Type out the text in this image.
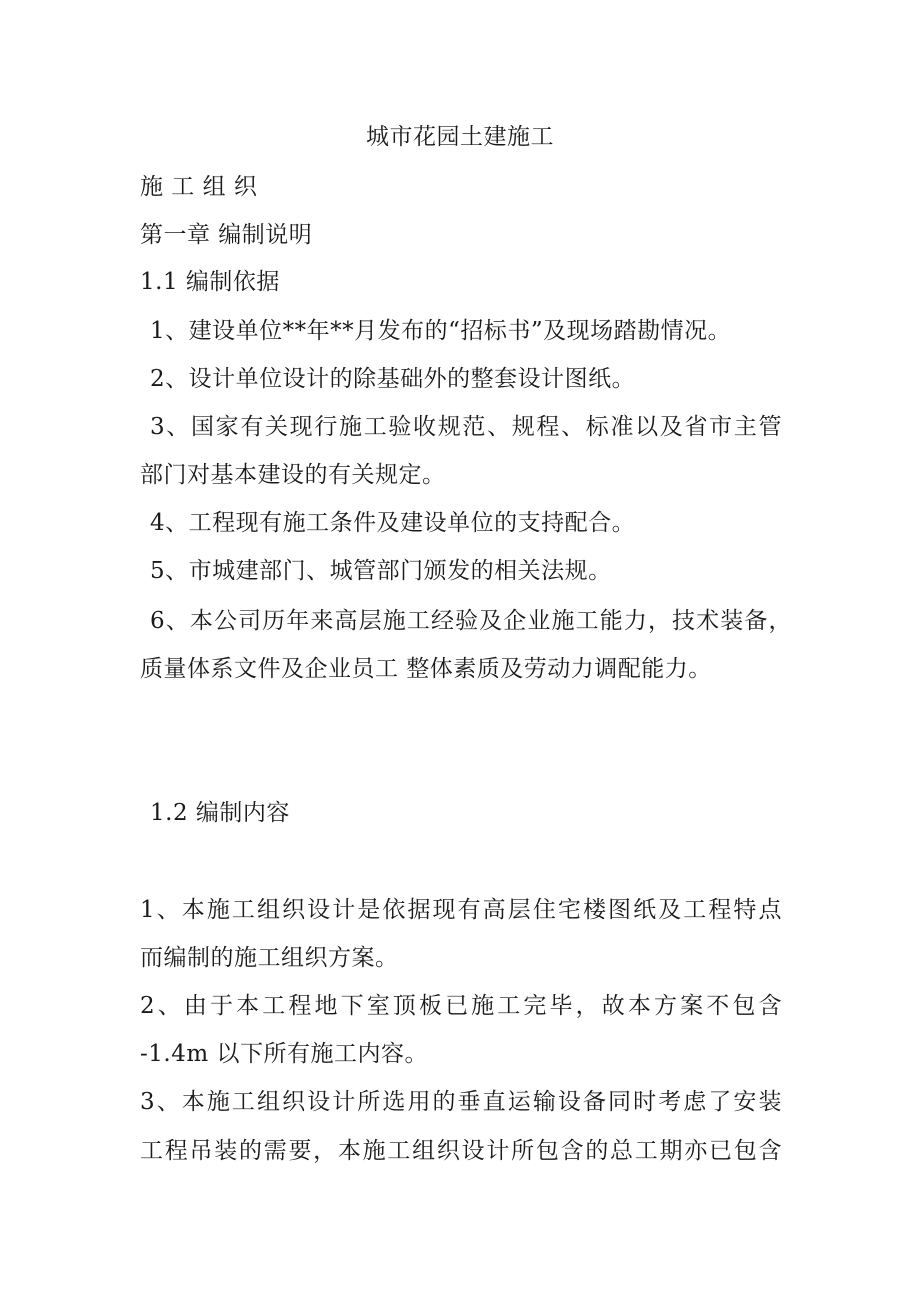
城市花园土建施工
施 工 组 织
第一章 编制说明
1.1 编制依据
1、建设单位**年**月发布的“招标书”及现场踏勘情况。
2、设计单位设计的除基础外的整套设计图纸。
3、国家有关现行施工验收规范、规程、标准以及省市主管
部门对基本建设的有关规定。
4、工程现有施工条件及建设单位的支持配合。
5、市城建部门、城管部门颁发的相关法规。
6、本公司历年来高层施工经验及企业施工能力，技术装备，
质量体系文件及企业员工 整体素质及劳动力调配能力。
1.2 编制内容
1、本施工组织设计是依据现有高层住宅楼图纸及工程特点
而编制的施工组织方案。
2、由于本工程地下室顶板已施工完毕，故本方案不包含
-1.4m 以下所有施工内容。
3、本施工组织设计所选用的垂直运输设备同时考虑了安装
工程吊装的需要，本施工组织设计所包含的总工期亦已包含
